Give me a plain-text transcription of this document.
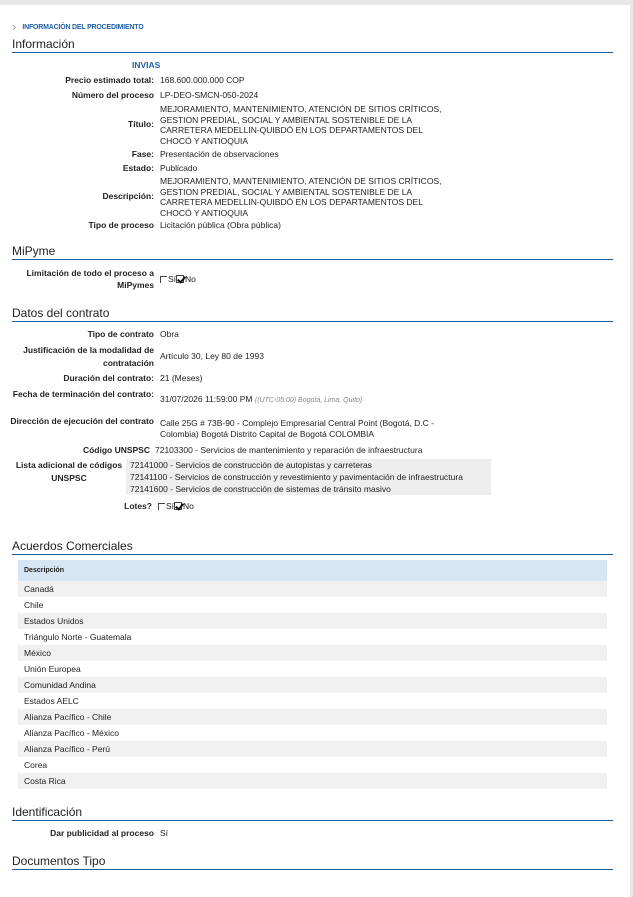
› INFORMACIÓN DEL PROCEDIMIENTO
Información
INVIAS
Precio estimado total: 168.600.000.000 COP
Número del proceso LP-DEO-SMCN-050-2024
Título:
MEJORAMIENTO, MANTENIMIENTO, ATENCIÓN DE SITIOS CRÍTICOS, GESTION PREDIAL, SOCIAL Y AMBIENTAL SOSTENIBLE DE LA CARRETERA MEDELLIN-QUIBDÓ EN LOS DEPARTAMENTOS DEL CHOCÓ Y ANTIOQUIA
Fase: Presentación de observaciones
Estado: Publicado
Descripción:
MEJORAMIENTO, MANTENIMIENTO, ATENCIÓN DE SITIOS CRÍTICOS, GESTION PREDIAL, SOCIAL Y AMBIENTAL SOSTENIBLE DE LA CARRETERA MEDELLIN-QUIBDÓ EN LOS DEPARTAMENTOS DEL CHOCÓ Y ANTIOQUIA
Tipo de proceso Licitación pública (Obra pública)
MiPyme
Limitación de todo el proceso a MiPymes
Sí No
Datos del contrato
Tipo de contrato Obra
Justificación de la modalidad de contratación
Artículo 30, Ley 80 de 1993
Duración del contrato: 21 (Meses)
Fecha de terminación del contrato: 31/07/2026 11:59:00 PM ((UTC-05:00) Bogotá, Lima, Quito)
Dirección de ejecución del contrato Calle 25G # 73B-90 - Complejo Empresarial Central Point (Bogotá, D.C - Colombia) Bogotá Distrito Capital de Bogotá COLOMBIA
Código UNSPSC 72103300 - Servicios de mantenimiento y reparación de infraestructura
Lista adicional de códigos UNSPSC
72141000 - Servicios de construcción de autopistas y carreteras
72141100 - Servicios de construcción y revestimiento y pavimentación de infraestructura
72141600 - Servicios de construcción de sistemas de tránsito masivo
Lotes?	Sí No
Acuerdos Comerciales
Descripción
Canadá
Chile
Estados Unidos
Triángulo Norte - Guatemala
México
Unión Europea
Comunidad Andina
Estados AELC
Alianza Pacífico - Chile
Alianza Pacífico - México
Alianza Pacífico - Perú
Corea
Costa Rica
Identificación
Dar publicidad al proceso Sí
Documentos Tipo
